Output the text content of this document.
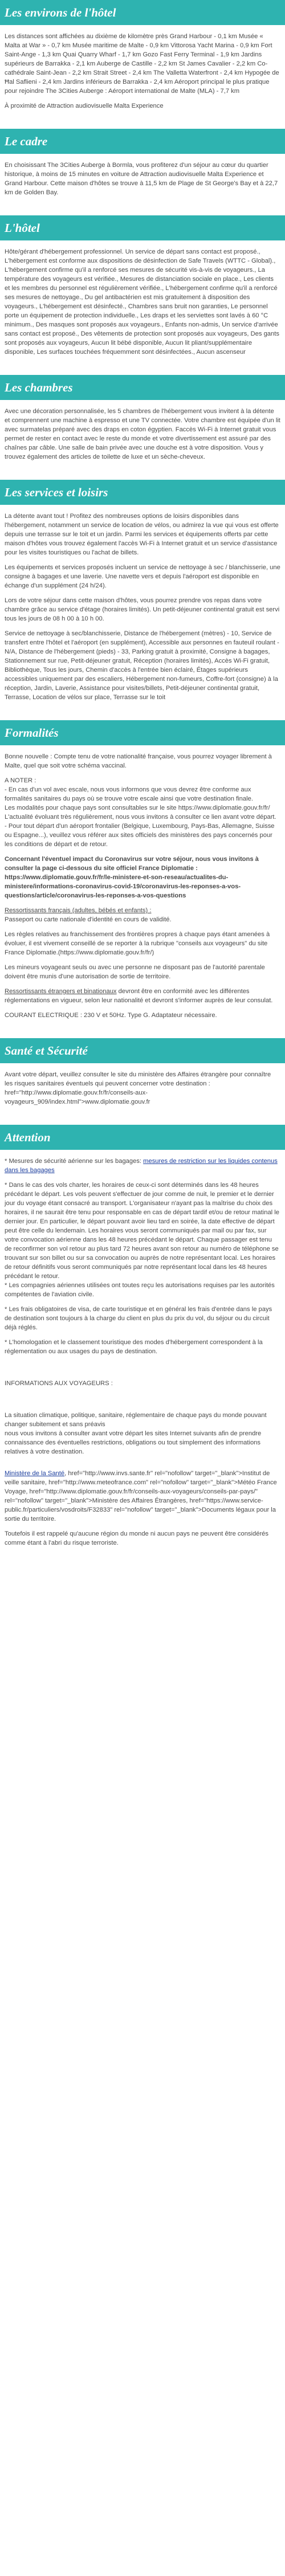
Les environs de l'hôtel

Les distances sont affichées au dixième de kilomètre près Grand Harbour - 0,1 km Musée « Malta at War » - 0,7 km Musée maritime de Malte - 0,9 km Vittorosa Yacht Marina - 0,9 km Fort Saint-Ange - 1,3 km Quai Quarry Wharf - 1,7 km Gozo Fast Ferry Terminal - 1,9 km Jardins supérieurs de Barrakka - 2,1 km Auberge de Castille - 2,2 km St James Cavalier - 2,2 km Co-cathédrale Saint-Jean - 2,2 km Strait Street - 2,4 km The Valletta Waterfront - 2,4 km Hypogée de Ħal Saflieni - 2,4 km Jardins inférieurs de Barrakka - 2,4 km Aéroport principal le plus pratique pour rejoindre The 3Cities Auberge : Aéroport international de Malte (MLA) - 7,7 km

À proximité de Attraction audiovisuelle Malta Experience

Le cadre

En choisissant The 3Cities Auberge à Bormla, vous profiterez d'un séjour au cœur du quartier historique, à moins de 15 minutes en voiture de Attraction audiovisuelle Malta Experience et Grand Harbour. Cette maison d'hôtes se trouve à 11,5 km de Plage de St George's Bay et à 22,7 km de Golden Bay.

L'hôtel

Hôte/gérant d'hébergement professionnel. Un service de départ sans contact est proposé., L'hébergement est conforme aux dispositions de désinfection de Safe Travels (WTTC - Global)., L'hébergement confirme qu'il a renforcé ses mesures de sécurité vis-à-vis de voyageurs., La température des voyageurs est vérifiée., Mesures de distanciation sociale en place., Les clients et les membres du personnel est régulièrement vérifiée., L'hébergement confirme qu'il a renforcé ses mesures de nettoyage., Du gel antibactérien est mis gratuitement à disposition des voyageurs., L'hébergement est désinfecté., Chambres sans bruit non garanties, Le personnel porte un équipement de protection individuelle., Les draps et les serviettes sont lavés à 60 °C minimum., Des masques sont proposés aux voyageurs., Enfants non-admis, Un service d'arrivée sans contact est proposé., Des vêtements de protection sont proposés aux voyageurs, Des gants sont proposés aux voyageurs, Aucun lit bébé disponible, Aucun lit pliant/supplémentaire disponible, Les surfaces touchées fréquemment sont désinfectées., Aucun ascenseur

Les chambres

Avec une décoration personnalisée, les 5 chambres de l'hébergement vous invitent à la détente et comprennent une machine à espresso et une TV connectée. Votre chambre est équipée d'un lit avec surmatelas préparé avec des draps en coton égyptien. Faccès Wi-Fi à Internet gratuit vous permet de rester en contact avec le reste du monde et votre divertissement est assuré par des chaînes par câble. Une salle de bain privée avec une douche est à votre disposition. Vous y trouvez également des articles de toilette de luxe et un sèche-cheveux.

Les services et loisirs

La détente avant tout ! Profitez des nombreuses options de loisirs disponibles dans l'hébergement, notamment un service de location de vélos, ou admirez la vue qui vous est offerte depuis une terrasse sur le toit et un jardin. Parmi les services et équipements offerts par cette maison d'hôtes vous trouvez également l'accès Wi-Fi à Internet gratuit et un service d'assistance pour les visites touristiques ou l'achat de billets.

Les équipements et services proposés incluent un service de nettoyage à sec / blanchisserie, une consigne à bagages et une laverie. Une navette vers et depuis l'aéroport est disponible en échange d'un supplément (24 h/24).

Lors de votre séjour dans cette maison d'hôtes, vous pourrez prendre vos repas dans votre chambre grâce au service d'étage (horaires limités). Un petit-déjeuner continental gratuit est servi tous les jours de 08 h 00 à 10 h 00.

Service de nettoyage à sec/blanchisserie, Distance de l'hébergement (mètres) - 10, Service de transfert entre l'hôtel et l'aéroport (en supplément), Accessible aux personnes en fauteuil roulant - N/A, Distance de l'hébergement (pieds) - 33, Parking gratuit à proximité, Consigne à bagages, Stationnement sur rue, Petit-déjeuner gratuit, Réception (horaires limités), Accès Wi-Fi gratuit, Bibliothèque, Tous les jours, Chemin d'accès à l'entrée bien éclairé, Étages supérieurs accessibles uniquement par des escaliers, Hébergement non-fumeurs, Coffre-fort (consigne) à la réception, Jardin, Laverie, Assistance pour visites/billets, Petit-déjeuner continental gratuit, Terrasse, Location de vélos sur place, Terrasse sur le toit

Formalités

Bonne nouvelle : Compte tenu de votre nationalité française, vous pourrez voyager librement à Malte, quel que soit votre schéma vaccinal.

A NOTER :
- En cas d'un vol avec escale, nous vous informons que vous devrez être conforme aux formalités sanitaires du pays où se trouve votre escale ainsi que votre destination finale.
Les modalités pour chaque pays sont consultables sur le site https://www.diplomatie.gouv.fr/fr/ L'actualité évoluant très régulièrement, nous vous invitons à consulter ce lien avant votre départ.
- Pour tout départ d'un aéroport frontalier (Belgique, Luxembourg, Pays-Bas, Allemagne, Suisse ou Espagne...), veuillez vous référer aux sites officiels des ministères des pays concernés pour les conditions de départ et de retour.

Concernant l'éventuel impact du Coronavirus sur votre séjour, nous vous invitons à consulter la page ci-dessous du site officiel France Diplomatie : https://www.diplomatie.gouv.fr/fr/le-ministere-et-son-reseau/actualites-du-ministere/informations-coronavirus-covid-19/coronavirus-les-reponses-a-vos-questions/article/coronavirus-les-reponses-a-vos-questions

Ressortissants français (adultes, bébés et enfants) :
Passeport ou carte nationale d'identité en cours de validité.

Les règles relatives au franchissement des frontières propres à chaque pays étant amenées à évoluer, il est vivement conseillé de se reporter à la rubrique "conseils aux voyageurs" du site France Diplomatie.(https://www.diplomatie.gouv.fr/fr/)

Les mineurs voyageant seuls ou avec une personne ne disposant pas de l'autorité parentale doivent être munis d'une autorisation de sortie de territoire.

Ressortissants étrangers et binationaux devront être en conformité avec les différentes réglementations en vigueur, selon leur nationalité et devront s'informer auprès de leur consulat.

COURANT ELECTRIQUE : 230 V et 50Hz. Type G. Adaptateur nécessaire.

Santé et Sécurité

Avant votre départ, veuillez consulter le site du ministère des Affaires étrangère pour connaître les risques sanitaires éventuels qui peuvent concerner votre destination : href="http://www.diplomatie.gouv.fr/fr/conseils-aux-voyageurs_909/index.html">www.diplomatie.gouv.fr

Attention

* Mesures de sécurité aérienne sur les bagages: mesures de restriction sur les liquides contenus dans les bagages

* Dans le cas des vols charter, les horaires de ceux-ci sont déterminés dans les 48 heures précédant le départ. Les vols peuvent s'effectuer de jour comme de nuit, le premier et le dernier jour du voyage étant consacré au transport. L'organisateur n'ayant pas la maîtrise du choix des horaires, il ne saurait être tenu pour responsable en cas de départ tardif et/ou de retour matinal le dernier jour. En particulier, le départ pouvant avoir lieu tard en soirée, la date effective de départ peut être celle du lendemain. Les horaires vous seront communiqués par mail ou par fax, sur votre convocation aérienne dans les 48 heures précédant le départ. Chaque passager est tenu de reconfirmer son vol retour au plus tard 72 heures avant son retour au numéro de téléphone se trouvant sur son billet ou sur sa convocation ou auprès de notre représentant local. Les horaires de retour définitifs vous seront communiqués par notre représentant local dans les 48 heures précédant le retour.
* Les compagnies aériennes utilisées ont toutes reçu les autorisations requises par les autorités compétentes de l'aviation civile.

* Les frais obligatoires de visa, de carte touristique et en général les frais d'entrée dans le pays de destination sont toujours à la charge du client en plus du prix du vol, du séjour ou du circuit déjà réglés.

* L'homologation et le classement touristique des modes d'hébergement correspondent à la réglementation ou aux usages du pays de destination.

INFORMATIONS AUX VOYAGEURS :

La situation climatique, politique, sanitaire, réglementaire de chaque pays du monde pouvant changer subitement et sans préavis
nous vous invitons à consulter avant votre départ les sites Internet suivants afin de prendre connaissance des éventuelles restrictions, obligations ou tout simplement des informations relatives à votre destination.

Ministère de la Santé, href="http://www.invs.sante.fr" rel="nofollow" target="_blank">Institut de veille sanitaire, href="http://www.meteofrance.com" rel="nofollow" target="_blank">Météo France Voyage, href="http://www.diplomatie.gouv.fr/fr/conseils-aux-voyageurs/conseils-par-pays/" rel="nofollow" target="_blank">Ministère des Affaires Étrangères, href="https://www.service-public.fr/particuliers/vosdroits/F32833" rel="nofollow" target="_blank">Documents légaux pour la sortie du territoire.

Toutefois il est rappelé qu'aucune région du monde ni aucun pays ne peuvent être considérés comme étant à l'abri du risque terroriste.
